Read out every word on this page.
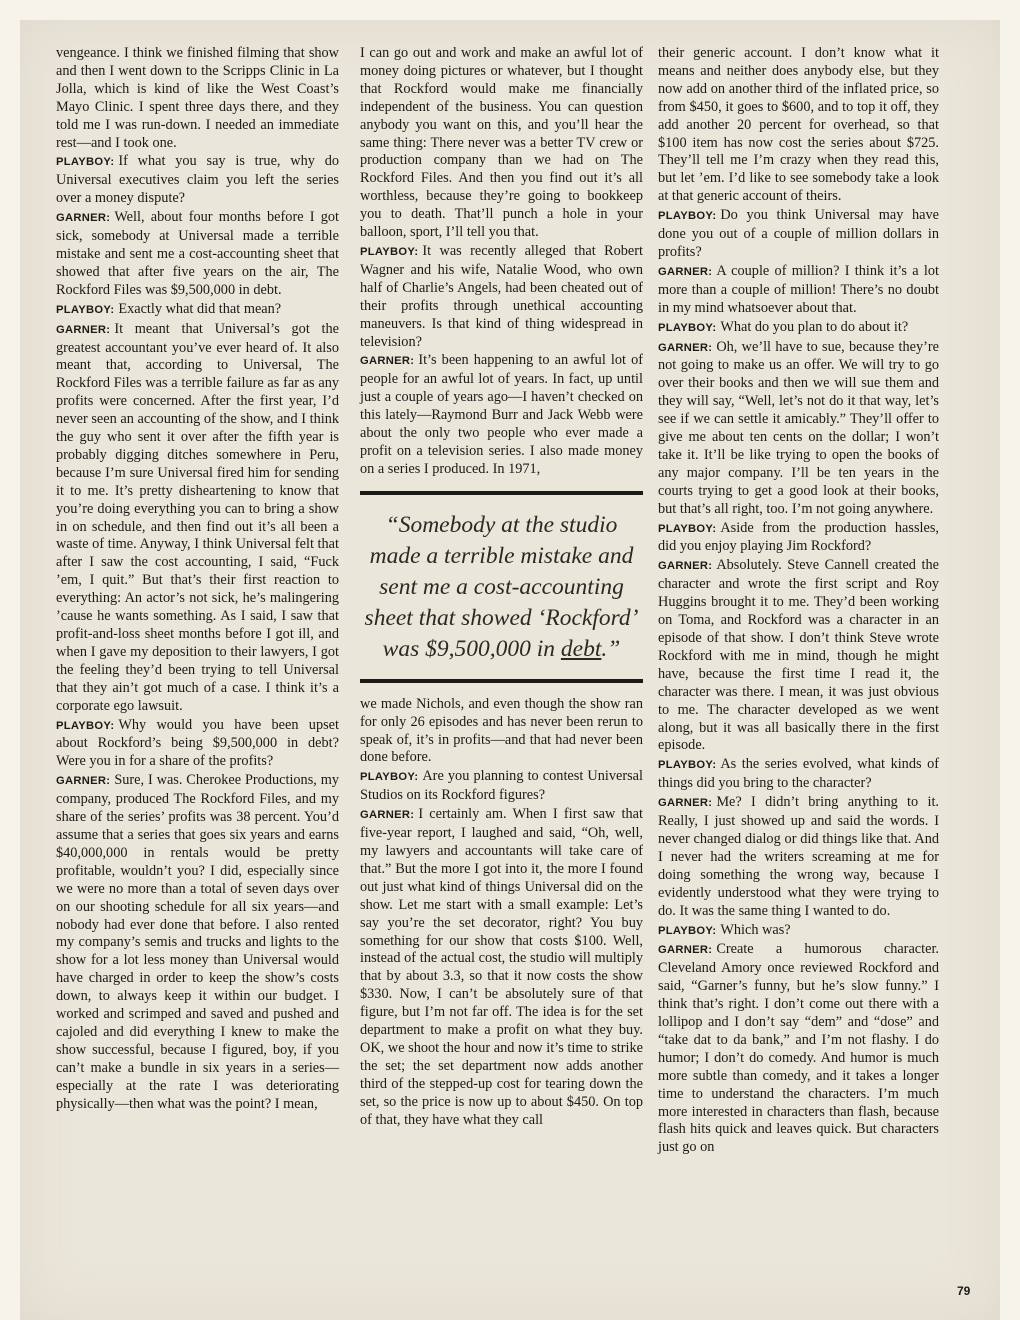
vengeance. I think we finished filming that show and then I went down to the Scripps Clinic in La Jolla, which is kind of like the West Coast’s Mayo Clinic. I spent three days there, and they told me I was run-down. I needed an immediate rest—and I took one.

PLAYBOY: If what you say is true, why do Universal executives claim you left the series over a money dispute?

GARNER: Well, about four months before I got sick, somebody at Universal made a terrible mistake and sent me a cost-accounting sheet that showed that after five years on the air, The Rockford Files was $9,500,000 in debt.

PLAYBOY: Exactly what did that mean?

GARNER: It meant that Universal’s got the greatest accountant you’ve ever heard of. It also meant that, according to Universal, The Rockford Files was a terrible failure as far as any profits were concerned. After the first year, I’d never seen an accounting of the show, and I think the guy who sent it over after the fifth year is probably digging ditches somewhere in Peru, because I’m sure Universal fired him for sending it to me. It’s pretty disheartening to know that you’re doing everything you can to bring a show in on schedule, and then find out it’s all been a waste of time. Anyway, I think Universal felt that after I saw the cost accounting, I said, “Fuck ’em, I quit.” But that’s their first reaction to everything: An actor’s not sick, he’s malingering ’cause he wants something. As I said, I saw that profit-and-loss sheet months before I got ill, and when I gave my deposition to their lawyers, I got the feeling they’d been trying to tell Universal that they ain’t got much of a case. I think it’s a corporate ego lawsuit.

PLAYBOY: Why would you have been upset about Rockford’s being $9,500,000 in debt? Were you in for a share of the profits?

GARNER: Sure, I was. Cherokee Productions, my company, produced The Rockford Files, and my share of the series’ profits was 38 percent. You’d assume that a series that goes six years and earns $40,000,000 in rentals would be pretty profitable, wouldn’t you? I did, especially since we were no more than a total of seven days over on our shooting schedule for all six years—and nobody had ever done that before. I also rented my company’s semis and trucks and lights to the show for a lot less money than Universal would have charged in order to keep the show’s costs down, to always keep it within our budget. I worked and scrimped and saved and pushed and cajoled and did everything I knew to make the show successful, because I figured, boy, if you can’t make a bundle in six years in a series—especially at the rate I was deteriorating physically—then what was the point? I mean,

I can go out and work and make an awful lot of money doing pictures or whatever, but I thought that Rockford would make me financially independent of the business. You can question anybody you want on this, and you’ll hear the same thing: There never was a better TV crew or production company than we had on The Rockford Files. And then you find out it’s all worthless, because they’re going to bookkeep you to death. That’ll punch a hole in your balloon, sport, I’ll tell you that.

PLAYBOY: It was recently alleged that Robert Wagner and his wife, Natalie Wood, who own half of Charlie’s Angels, had been cheated out of their profits through unethical accounting maneuvers. Is that kind of thing widespread in television?

GARNER: It’s been happening to an awful lot of people for an awful lot of years. In fact, up until just a couple of years ago—I haven’t checked on this lately—Raymond Burr and Jack Webb were about the only two people who ever made a profit on a television series. I also made money on a series I produced. In 1971,

“Somebody at the studio made a terrible mistake and sent me a cost-accounting sheet that showed ‘Rockford’ was $9,500,000 in debt.”

we made Nichols, and even though the show ran for only 26 episodes and has never been rerun to speak of, it’s in profits—and that had never been done before.

PLAYBOY: Are you planning to contest Universal Studios on its Rockford figures?

GARNER: I certainly am. When I first saw that five-year report, I laughed and said, “Oh, well, my lawyers and accountants will take care of that.” But the more I got into it, the more I found out just what kind of things Universal did on the show. Let me start with a small example: Let’s say you’re the set decorator, right? You buy something for our show that costs $100. Well, instead of the actual cost, the studio will multiply that by about 3.3, so that it now costs the show $330. Now, I can’t be absolutely sure of that figure, but I’m not far off. The idea is for the set department to make a profit on what they buy. OK, we shoot the hour and now it’s time to strike the set; the set department now adds another third of the stepped-up cost for tearing down the set, so the price is now up to about $450. On top of that, they have what they call

their generic account. I don’t know what it means and neither does anybody else, but they now add on another third of the inflated price, so from $450, it goes to $600, and to top it off, they add another 20 percent for overhead, so that $100 item has now cost the series about $725. They’ll tell me I’m crazy when they read this, but let ’em. I’d like to see somebody take a look at that generic account of theirs.

PLAYBOY: Do you think Universal may have done you out of a couple of million dollars in profits?

GARNER: A couple of million? I think it’s a lot more than a couple of million! There’s no doubt in my mind whatsoever about that.

PLAYBOY: What do you plan to do about it?

GARNER: Oh, we’ll have to sue, because they’re not going to make us an offer. We will try to go over their books and then we will sue them and they will say, “Well, let’s not do it that way, let’s see if we can settle it amicably.” They’ll offer to give me about ten cents on the dollar; I won’t take it. It’ll be like trying to open the books of any major company. I’ll be ten years in the courts trying to get a good look at their books, but that’s all right, too. I’m not going anywhere.

PLAYBOY: Aside from the production hassles, did you enjoy playing Jim Rockford?

GARNER: Absolutely. Steve Cannell created the character and wrote the first script and Roy Huggins brought it to me. They’d been working on Toma, and Rockford was a character in an episode of that show. I don’t think Steve wrote Rockford with me in mind, though he might have, because the first time I read it, the character was there. I mean, it was just obvious to me. The character developed as we went along, but it was all basically there in the first episode.

PLAYBOY: As the series evolved, what kinds of things did you bring to the character?

GARNER: Me? I didn’t bring anything to it. Really, I just showed up and said the words. I never changed dialog or did things like that. And I never had the writers screaming at me for doing something the wrong way, because I evidently understood what they were trying to do. It was the same thing I wanted to do.

PLAYBOY: Which was?

GARNER: Create a humorous character. Cleveland Amory once reviewed Rockford and said, “Garner’s funny, but he’s slow funny.” I think that’s right. I don’t come out there with a lollipop and I don’t say “dem” and “dose” and “take dat to da bank,” and I’m not flashy. I do humor; I don’t do comedy. And humor is much more subtle than comedy, and it takes a longer time to understand the characters. I’m much more interested in characters than flash, because flash hits quick and leaves quick. But characters just go on

79
